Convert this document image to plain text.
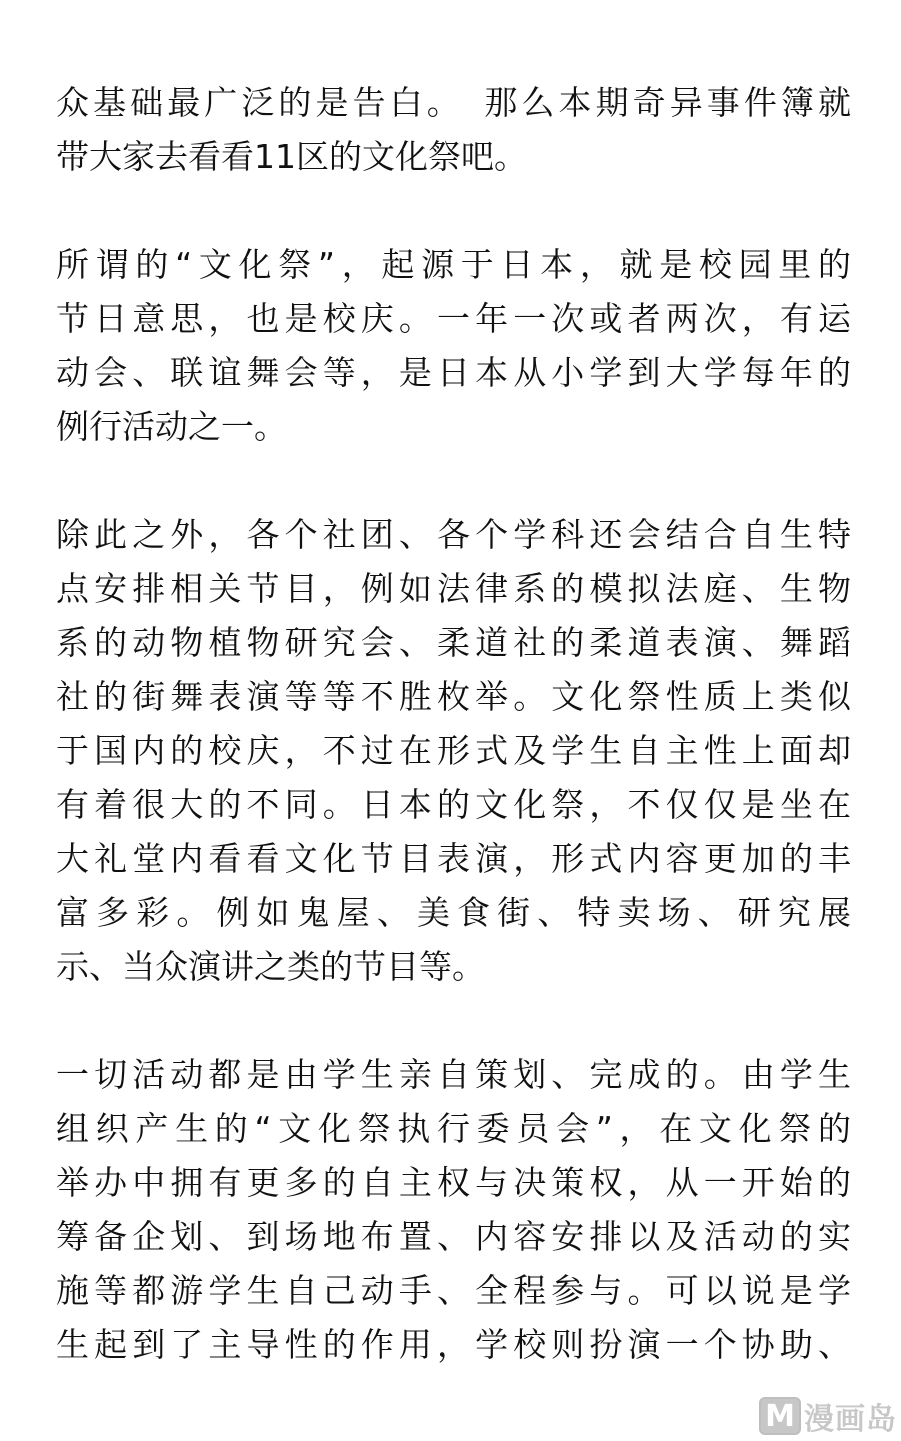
众基础最广泛的是告白。　那么本期奇异事件簿就
带大家去看看11区的文化祭吧。
所谓的“文化祭”，起源于日本，就是校园里的
节日意思，也是校庆。一年一次或者两次，有运
动会、联谊舞会等，是日本从小学到大学每年的
例行活动之一。
除此之外，各个社团、各个学科还会结合自生特
点安排相关节目，例如法律系的模拟法庭、生物
系的动物植物研究会、柔道社的柔道表演、舞蹈
社的街舞表演等等不胜枚举。文化祭性质上类似
于国内的校庆，不过在形式及学生自主性上面却
有着很大的不同。日本的文化祭，不仅仅是坐在
大礼堂内看看文化节目表演，形式内容更加的丰
富多彩。例如鬼屋、美食街、特卖场、研究展
示、当众演讲之类的节目等。
一切活动都是由学生亲自策划、完成的。由学生
组织产生的“文化祭执行委员会”，在文化祭的
举办中拥有更多的自主权与决策权，从一开始的
筹备企划、到场地布置、内容安排以及活动的实
施等都游学生自己动手、全程参与。可以说是学
生起到了主导性的作用，学校则扮演一个协助、
M 漫画岛
